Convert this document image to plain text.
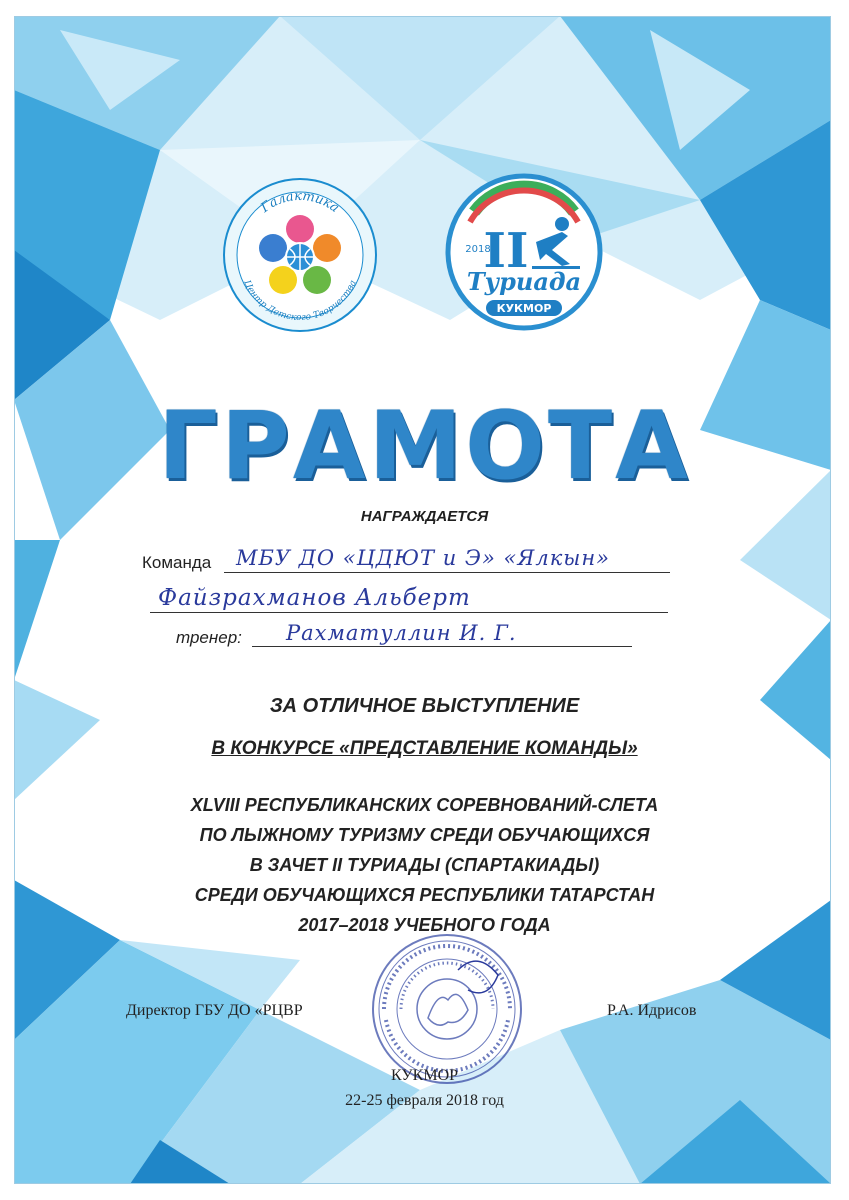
Галактика
Центр Детского Творчества
II
2018
Туриада
КУКМОР
ГРАМОТА
НАГРАЖДАЕТСЯ
Команда МБУ ДО «ЦДЮТ и Э» «Ялкын»
Файзрахманов Альберт
тренер: Рахматуллин И. Г.
ЗА ОТЛИЧНОЕ ВЫСТУПЛЕНИЕ
В КОНКУРСЕ «ПРЕДСТАВЛЕНИЕ КОМАНДЫ»
XLVIII РЕСПУБЛИКАНСКИХ СОРЕВНОВАНИЙ-СЛЕТА
ПО ЛЫЖНОМУ ТУРИЗМУ СРЕДИ ОБУЧАЮЩИХСЯ
В ЗАЧЕТ II ТУРИАДЫ (СПАРТАКИАДЫ)
СРЕДИ ОБУЧАЮЩИХСЯ РЕСПУБЛИКИ ТАТАРСТАН
2017–2018 УЧЕБНОГО ГОДА
Директор ГБУ ДО «РЦВР	Р.А. Идрисов
КУКМОР
22-25 февраля 2018 год
